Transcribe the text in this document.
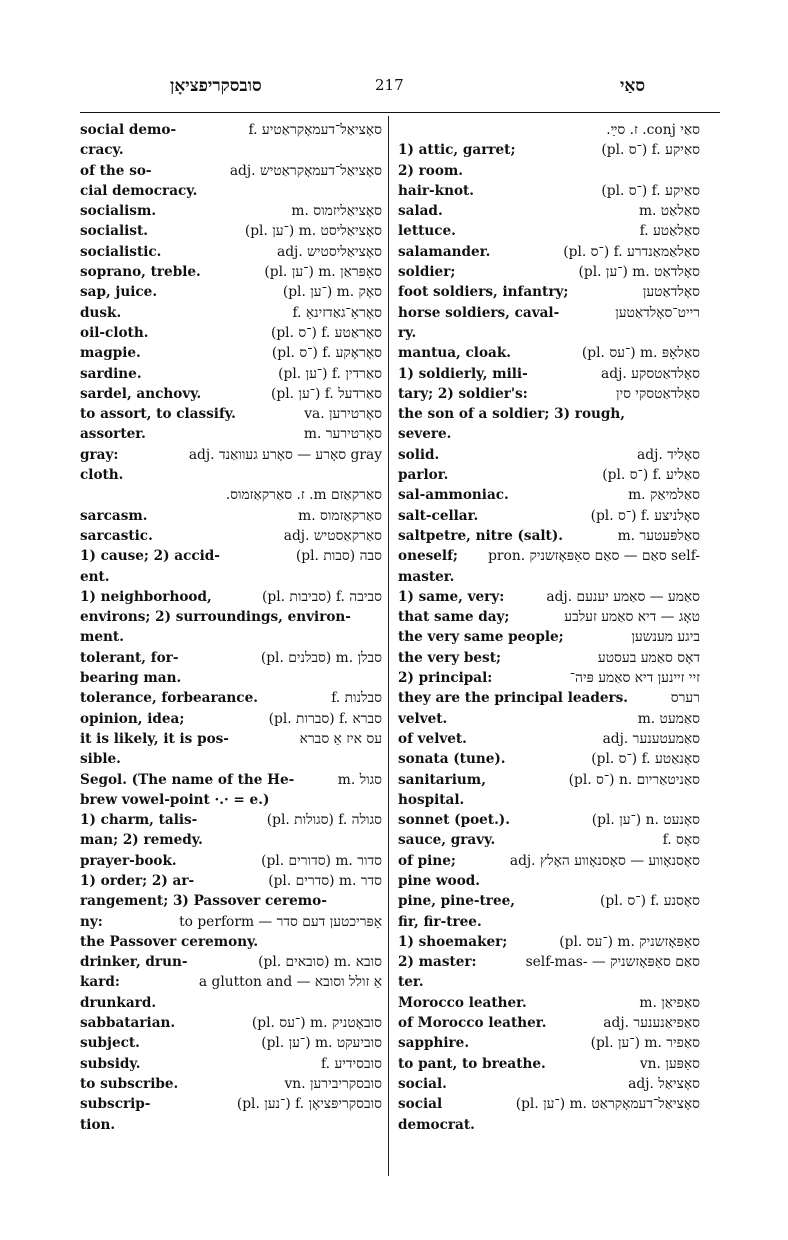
סובסקריפציאָן	217	סאַי
social demo-	f. סאָציאַל־דעמאָקראַטיע
cracy.
of the so-	adj. סאָציאַל־דעמאָקראַטיש
cial democracy.
socialism.	m. סאָציאַליזמוס
socialist.	(pl. ־ען) m. סאָציאַליסט
socialistic.	adj. סאָציאַליסטיש
soprano, treble.	(pl. ־ען) m. סאָפּראַן
sap, juice.	(pl. ־ען) m. סאָק
dusk.	f. סאָראַ־גאַדזינאַ
oil-cloth.	(pl. ־ס) f. סאָראַטע
magpie.	(pl. ־ס) f. סאָראָקע
sardine.	(pl. ־ען) f. סאַרדין
sardel, anchovy.	(pl. ־ען) f. סאַרדעל
to assort, to classify.	va. סאָרטירען
assorter.	m. סאָרטירער
gray:	adj. סאָרע — סאָרע געוואַנד gray
cloth.
סאַרקאַזם m. ז. סאַרקאַזמוס.
sarcasm.	m. סאַרקאַזמוס
sarcastic.	adj. סאַרקאַסטיש
1) cause; 2) accid-	(pl. סבות) סבה
ent.
1) neighborhood,	(pl. סביבות) f. סביבה
environs; 2) surroundings, environ-
ment.
tolerant, for-	(pl. סבלנים) m. סבלן
bearing man.
tolerance, forbearance.	f. סבלנות
opinion, idea;	(pl. סברות) f. סברא
it is likely, it is pos-	עס איז אַ סברא
sible.
Segol. (The name of the He-	m. סגול
brew vowel-point ·.· = e.)
1) charm, talis-	(pl. סגולות) f. סגולה
man; 2) remedy.
prayer-book.	(pl. סדורים) m. סדור
1) order; 2) ar-	(pl. סדרים) m. סדר
rangement; 3) Passover ceremo-
ny:	to perform — אָפּריכטען דעם סדר
the Passover ceremony.
drinker, drun-	(pl. סובאים) m. סובא
kard:	a glutton and — אַ זולל וסובא
drunkard.
sabbatarian.	(pl. ־עס) m. סובאָטניק
subject.	(pl. ־ען) m. סוביעקט
subsidy.	f. סובסידיע
to subscribe.	vn. סובסקריבירען
subscrip-	(pl. ־נען) f. סובסקריפּציאָן
tion.
סאַי conj. ז. סײַ.
1) attic, garret;	(pl. ־ס) f. סאַיקע
2) room.
hair-knot.	(pl. ־ס) f. סאַיקע
salad.	m. סאַלאַט
lettuce.	f. סאַלאַטע
salamander.	(pl. ־ס) f. סאַלאַמאַנדרע
soldier;	(pl. ־ען) m. סאָלדאַט
foot soldiers, infantry;	סאָלדאַטען
horse soldiers, caval-	רייט־סאָלדאַטען
ry.
mantua, cloak.	(pl. ־עס) m. סאַלאָפּ
1) soldierly, mili-	adj. סאָלדאַטסקע
tary; 2) soldier's:	סאָלדאַטסקי סין
the son of a soldier; 3) rough,
severe.
solid.	adj. סאָליד
parlor.	(pl. ־ס) f. סאַליע
sal-ammoniac.	m. סאַלמיאַק
salt-cellar.	(pl. ־ס) f. סאָלניצע
saltpetre, nitre (salt).	m. סאַלפּעטער
oneself; pron. סאַם — סאַם סאַפּאָזשניק self-
master.
1) same, very:	adj. סאַמע — סאַמע יענעם
that same day;	טאָג — דיא סאַמע זעלבע
the very same people;	ביגע מענשען
the very best;	דאָס סאַמע בעסטע
2) principal:	זיי זיינען דיא סאַמע פּיה־
they are the principal leaders.	רערס
velvet.	m. סאַמעט
of velvet.	adj. סאַמעטענער
sonata (tune).	(pl. ־ס) f. סאָנאַטע
sanitarium,	(pl. ־ס) n. סאַניטאַריום
hospital.
sonnet (poet.).	(pl. ־ען) n. סאָנעט
sauce, gravy.	f. סאָס
of pine;	adj. סאָסנאָווע — סאָסנאָווע האָלץ
pine wood.
pine, pine-tree,	(pl. ־ס) f. סאָסנע
fir, fir-tree.
1) shoemaker;	(pl. ־עס) m. סאַפּאָזשניק
2) master:	self-mas- — סאַם סאַפּאָזשניק
ter.
Morocco leather.	m. סאַפיאַן
of Morocco leather.	adj. סאַפיאַנענער
sapphire.	(pl. ־ען) m. סאַפיר
to pant, to breathe.	vn. סאַפּען
social.	adj. סאָציאַל
social	(pl. ־ען) m. סאָציאַל־דעמאָקראַט
democrat.
